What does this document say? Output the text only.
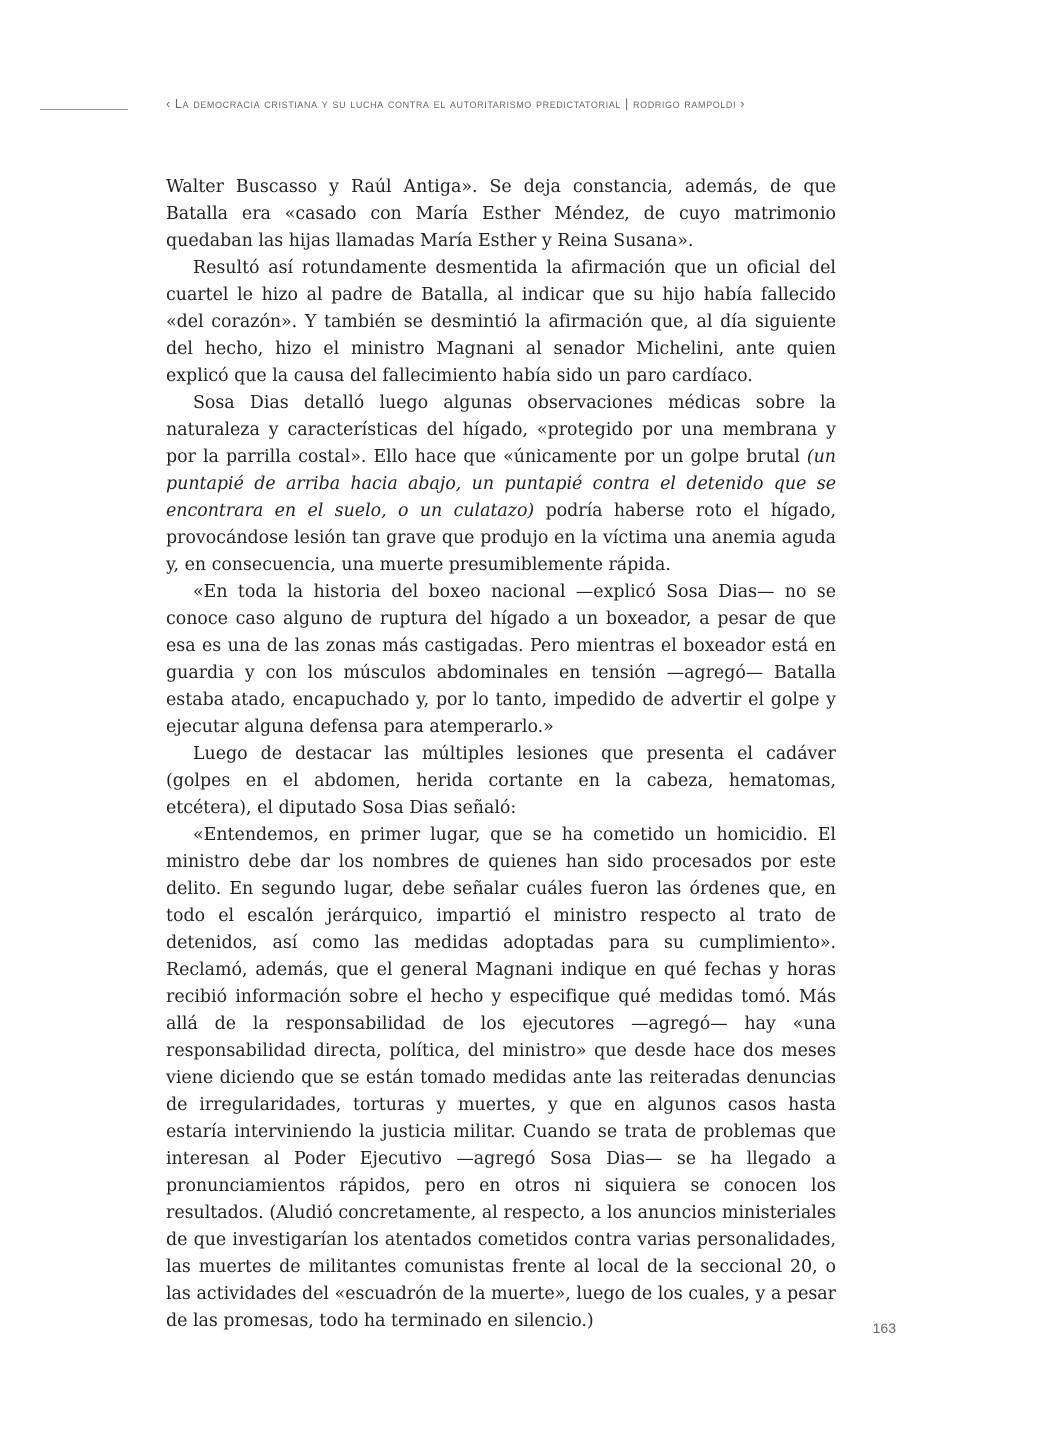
‹ La democracia cristiana y su lucha contra el autoritarismo predictatorial | rodrigo rampoldi ›

Walter Buscasso y Raúl Antiga». Se deja constancia, además, de que Batalla era «casado con María Esther Méndez, de cuyo matrimonio quedaban las hijas llamadas María Esther y Reina Susana».

Resultó así rotundamente desmentida la afirmación que un oficial del cuartel le hizo al padre de Batalla, al indicar que su hijo había fallecido «del corazón». Y también se desmintió la afirmación que, al día siguiente del hecho, hizo el ministro Magnani al senador Michelini, ante quien explicó que la causa del fallecimiento había sido un paro cardíaco.

Sosa Dias detalló luego algunas observaciones médicas sobre la naturaleza y características del hígado, «protegido por una membrana y por la parrilla costal». Ello hace que «únicamente por un golpe brutal (un puntapié de arriba hacia abajo, un puntapié contra el detenido que se encontrara en el suelo, o un culatazo) podría haberse roto el hígado, provocándose lesión tan grave que produjo en la víctima una anemia aguda y, en consecuencia, una muerte presumiblemente rápida.

«En toda la historia del boxeo nacional —explicó Sosa Dias— no se conoce caso alguno de ruptura del hígado a un boxeador, a pesar de que esa es una de las zonas más castigadas. Pero mientras el boxeador está en guardia y con los músculos abdominales en tensión —agregó— Batalla estaba atado, encapuchado y, por lo tanto, impedido de advertir el golpe y ejecutar alguna defensa para atemperarlo.»

Luego de destacar las múltiples lesiones que presenta el cadáver (golpes en el abdomen, herida cortante en la cabeza, hematomas, etcétera), el diputado Sosa Dias señaló:

«Entendemos, en primer lugar, que se ha cometido un homicidio. El ministro debe dar los nombres de quienes han sido procesados por este delito. En segundo lugar, debe señalar cuáles fueron las órdenes que, en todo el escalón jerárquico, impartió el ministro respecto al trato de detenidos, así como las medidas adoptadas para su cumplimiento». Reclamó, además, que el general Magnani indique en qué fechas y horas recibió información sobre el hecho y especifique qué medidas tomó. Más allá de la responsabilidad de los ejecutores —agregó— hay «una responsabilidad directa, política, del ministro» que desde hace dos meses viene diciendo que se están tomado medidas ante las reiteradas denuncias de irregularidades, torturas y muertes, y que en algunos casos hasta estaría interviniendo la justicia militar. Cuando se trata de problemas que interesan al Poder Ejecutivo —agregó Sosa Dias— se ha llegado a pronunciamientos rápidos, pero en otros ni siquiera se conocen los resultados. (Aludió concretamente, al respecto, a los anuncios ministeriales de que investigarían los atentados cometidos contra varias personalidades, las muertes de militantes comunistas frente al local de la seccional 20, o las actividades del «escuadrón de la muerte», luego de los cuales, y a pesar de las promesas, todo ha terminado en silencio.)	163
